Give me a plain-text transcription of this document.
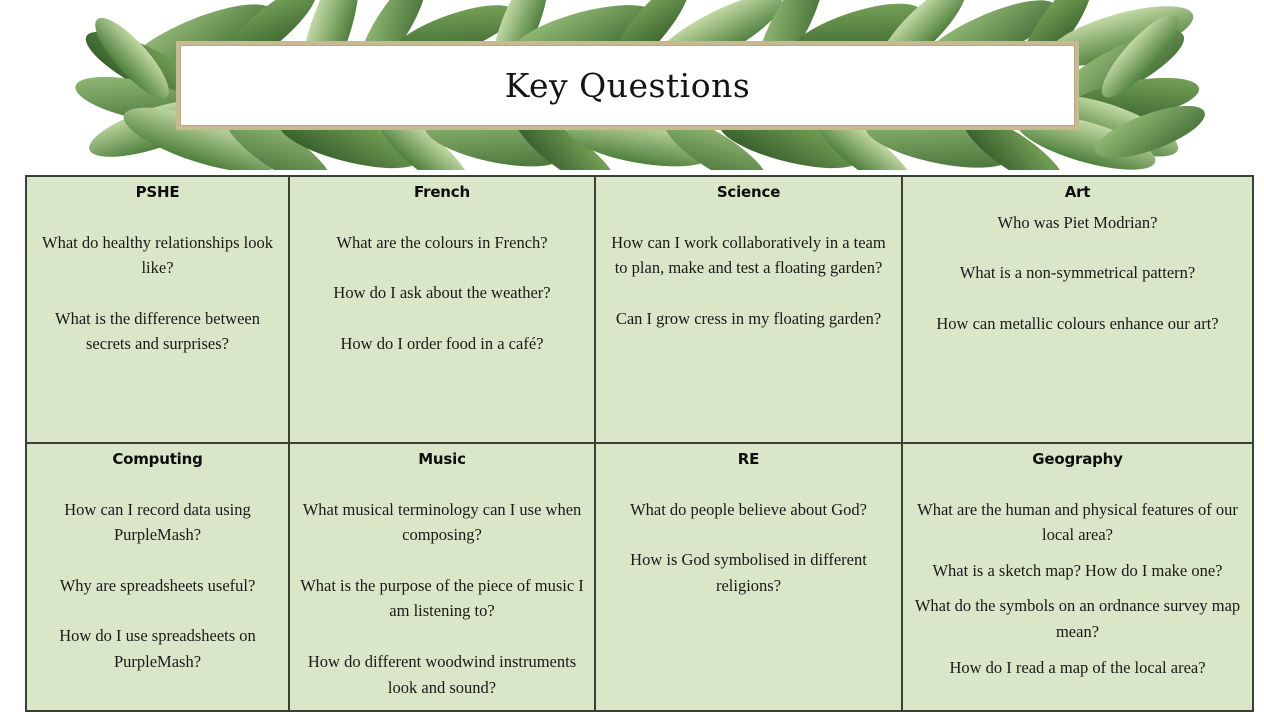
Key Questions
PSHE
What do healthy relationships look like?
What is the difference between secrets and surprises?

French
What are the colours in French?
How do I ask about the weather?
How do I order food in a café?

Science
How can I work collaboratively in a team to plan, make and test a floating garden?
Can I grow cress in my floating garden?

Art
Who was Piet Modrian?
What is a non-symmetrical pattern?
How can metallic colours enhance our art?

Computing
How can I record data using PurpleMash?
Why are spreadsheets useful?
How do I use spreadsheets on PurpleMash?

Music
What musical terminology can I use when composing?
What is the purpose of the piece of music I am listening to?
How do different woodwind instruments look and sound?

RE
What do people believe about God?
How is God symbolised in different religions?

Geography
What are the human and physical features of our local area?
What is a sketch map? How do I make one?
What do the symbols on an ordnance survey map mean?
How do I read a map of the local area?
